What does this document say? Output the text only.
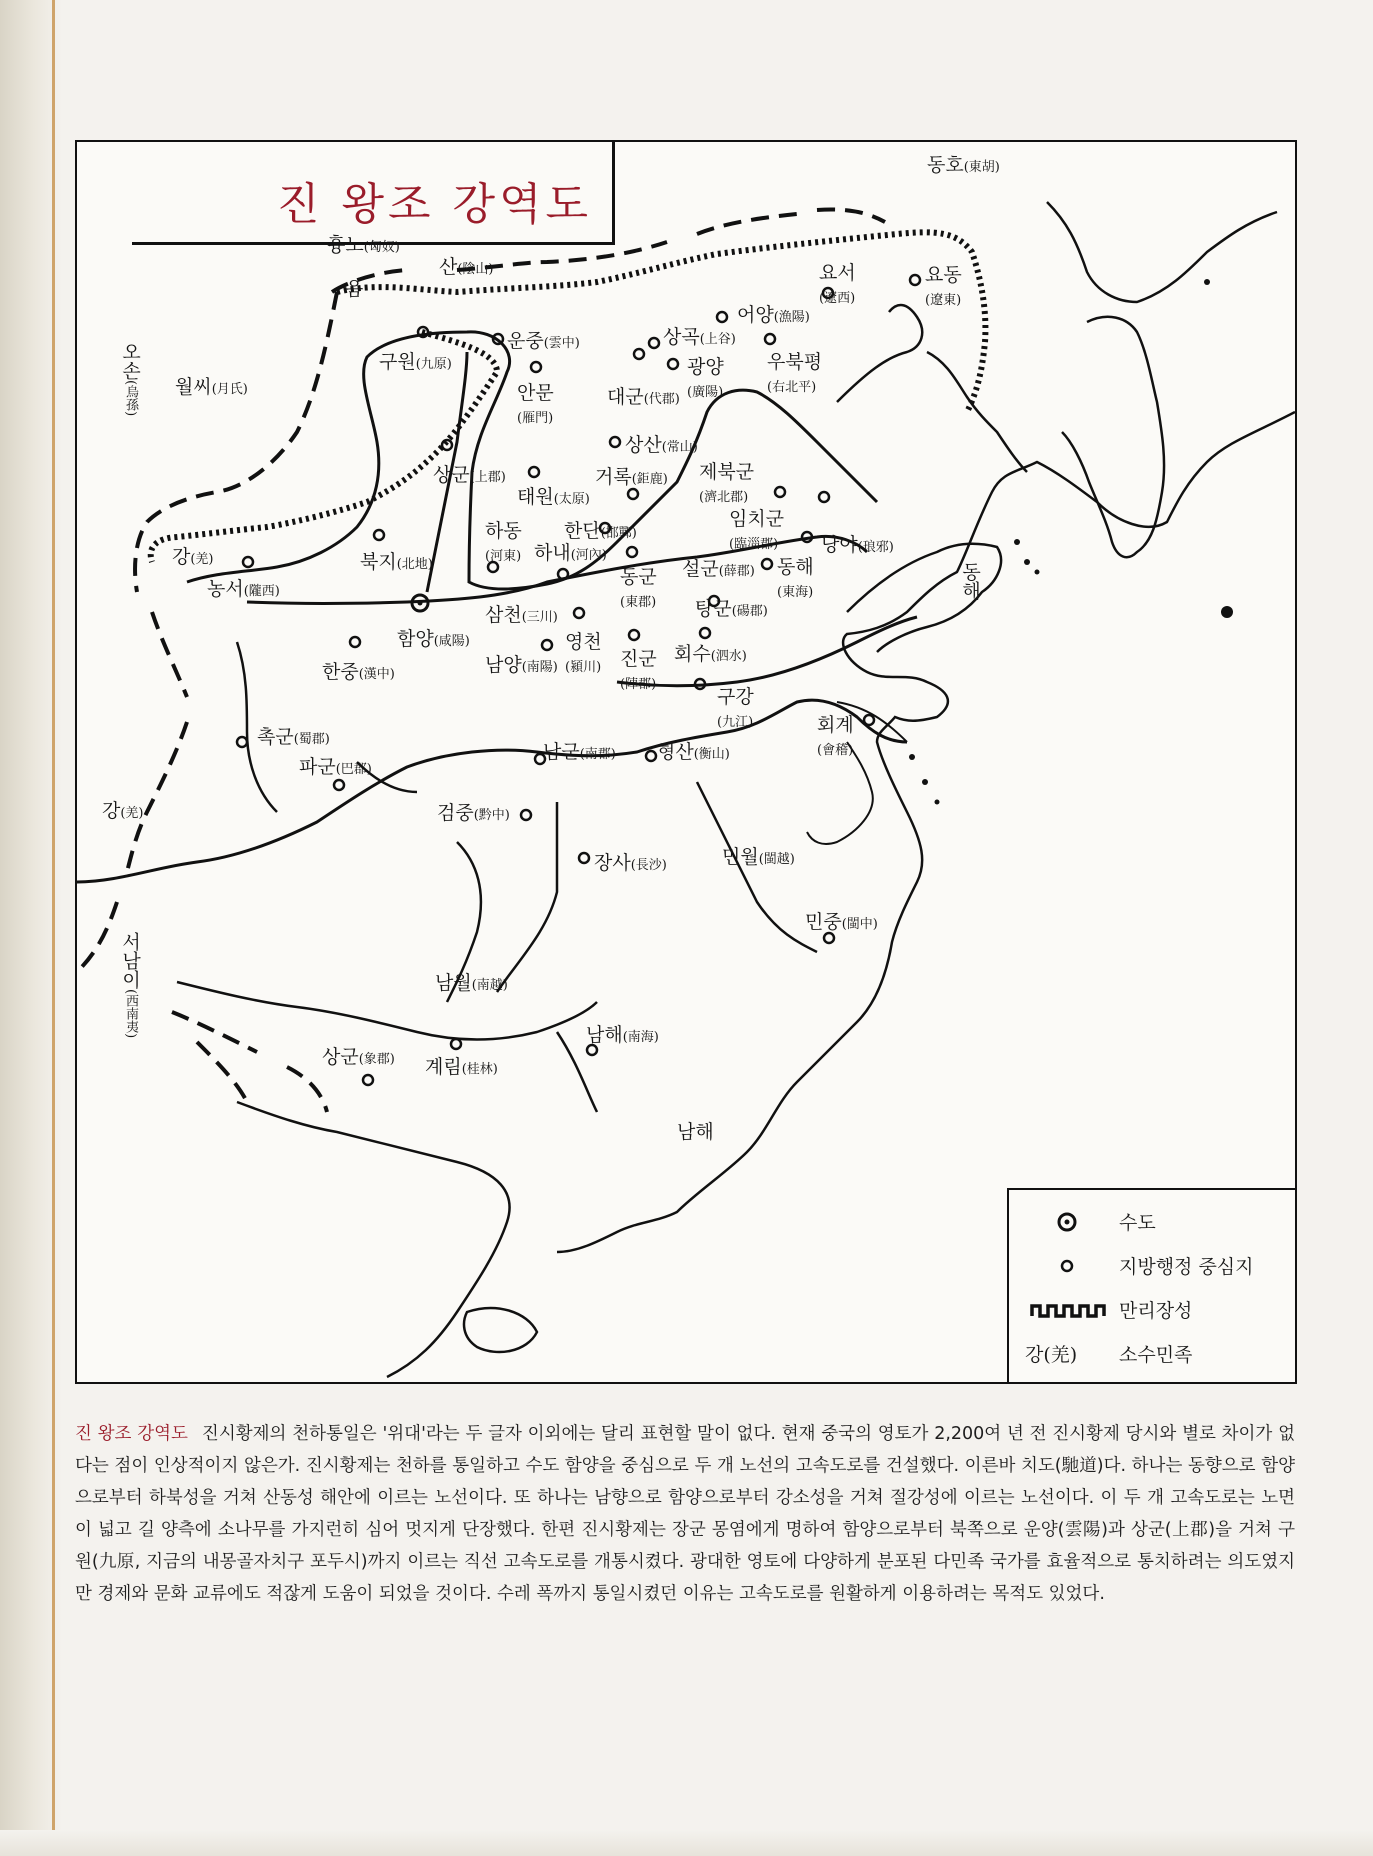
진 왕조 강역도
동호(東胡)
흉노(匈奴)
음
산(陰山)
오손(烏孫)	월씨(月氏)
구원(九原)
운중(雲中)
안문
(雁門)
상곡(上谷)
어양(漁陽)
요서
(遼西)
요동
(遼東)
광양
(廣陽)
우북평
(右北平)
대군(代郡)
상산(常山)
상군(上郡)
태원(太原)
거록(鉅鹿) 제북군
(濟北郡)
임치군
(臨淄郡)	낭야(琅邪)
하동
(河東)
한단(邯鄲)
하내(河內)
북지(北地)
강(羌)
농서(隴西)
동군
(東郡)
설군(薛郡) 동해
(東海)	동해
삼천(三川)	탕군(碭郡)
함양(咸陽)	영천
(潁川)
한중(漢中)	남양(南陽)	진군
(陣郡)
회수(泗水)
구강
(九江)	회계
(會稽)
촉군(蜀郡)
파군(巴郡)
남군(南郡) 형산(衡山)
강(羌)	검중(黔中)
장사(長沙)	민월(閩越)
민중(閩中)
서남이(西南夷)
남월(南越)
남해(南海)
상군(象郡) 계림(桂林)
남해
수도
지방행정 중심지
만리장성
강(羌) 소수민족
진 왕조 강역도 진시황제의 천하통일은 '위대'라는 두 글자 이외에는 달리 표현할 말이 없다. 현재 중국의 영토가 2,200여 년 전 진시황제 당시와 별로 차이가 없다는 점이 인상적이지 않은가. 진시황제는 천하를 통일하고 수도 함양을 중심으로 두 개 노선의 고속도로를 건설했다. 이른바 치도(馳道)다. 하나는 동향으로 함양으로부터 하북성을 거쳐 산동성 해안에 이르는 노선이다. 또 하나는 남향으로 함양으로부터 강소성을 거쳐 절강성에 이르는 노선이다. 이 두 개 고속도로는 노면이 넓고 길 양측에 소나무를 가지런히 심어 멋지게 단장했다. 한편 진시황제는 장군 몽염에게 명하여 함양으로부터 북쪽으로 운양(雲陽)과 상군(上郡)을 거쳐 구원(九原, 지금의 내몽골자치구 포두시)까지 이르는 직선 고속도로를 개통시켰다. 광대한 영토에 다양하게 분포된 다민족 국가를 효율적으로 통치하려는 의도였지만 경제와 문화 교류에도 적잖게 도움이 되었을 것이다. 수레 폭까지 통일시켰던 이유는 고속도로를 원활하게 이용하려는 목적도 있었다.
